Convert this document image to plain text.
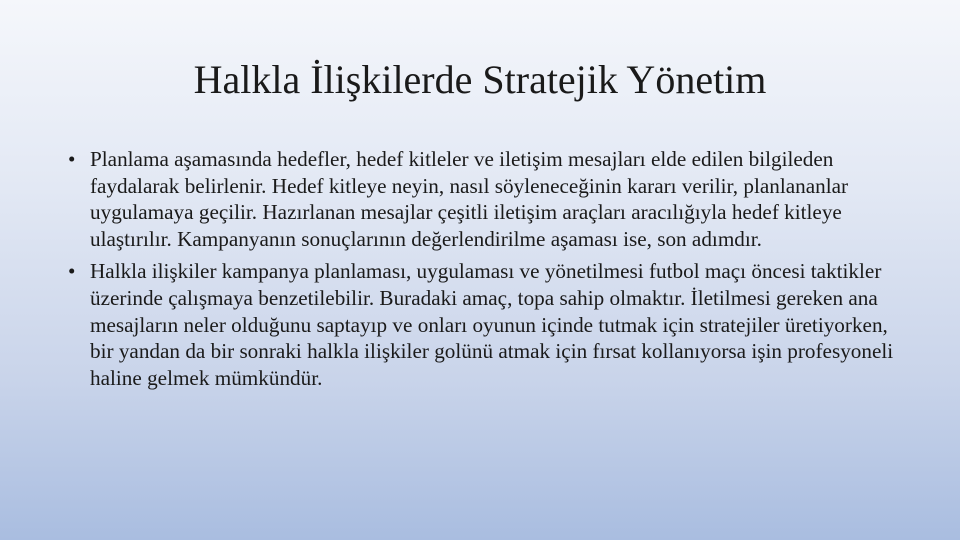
Halkla İlişkilerde Stratejik Yönetim
• Planlama aşamasında hedefler, hedef kitleler ve iletişim mesajları elde edilen bilgileden faydalarak belirlenir. Hedef kitleye neyin, nasıl söyleneceğinin kararı verilir, planlananlar uygulamaya geçilir. Hazırlanan mesajlar çeşitli iletişim araçları aracılığıyla hedef kitleye ulaştırılır. Kampanyanın sonuçlarının değerlendirilme aşaması ise, son adımdır.
• Halkla ilişkiler kampanya planlaması, uygulaması ve yönetilmesi futbol maçı öncesi taktikler üzerinde çalışmaya benzetilebilir. Buradaki amaç, topa sahip olmaktır. İletilmesi gereken ana mesajların neler olduğunu saptayıp ve onları oyunun içinde tutmak için stratejiler üretiyorken, bir yandan da bir sonraki halkla ilişkiler golünü atmak için fırsat kollanıyorsa işin profesyoneli haline gelmek mümkündür.
